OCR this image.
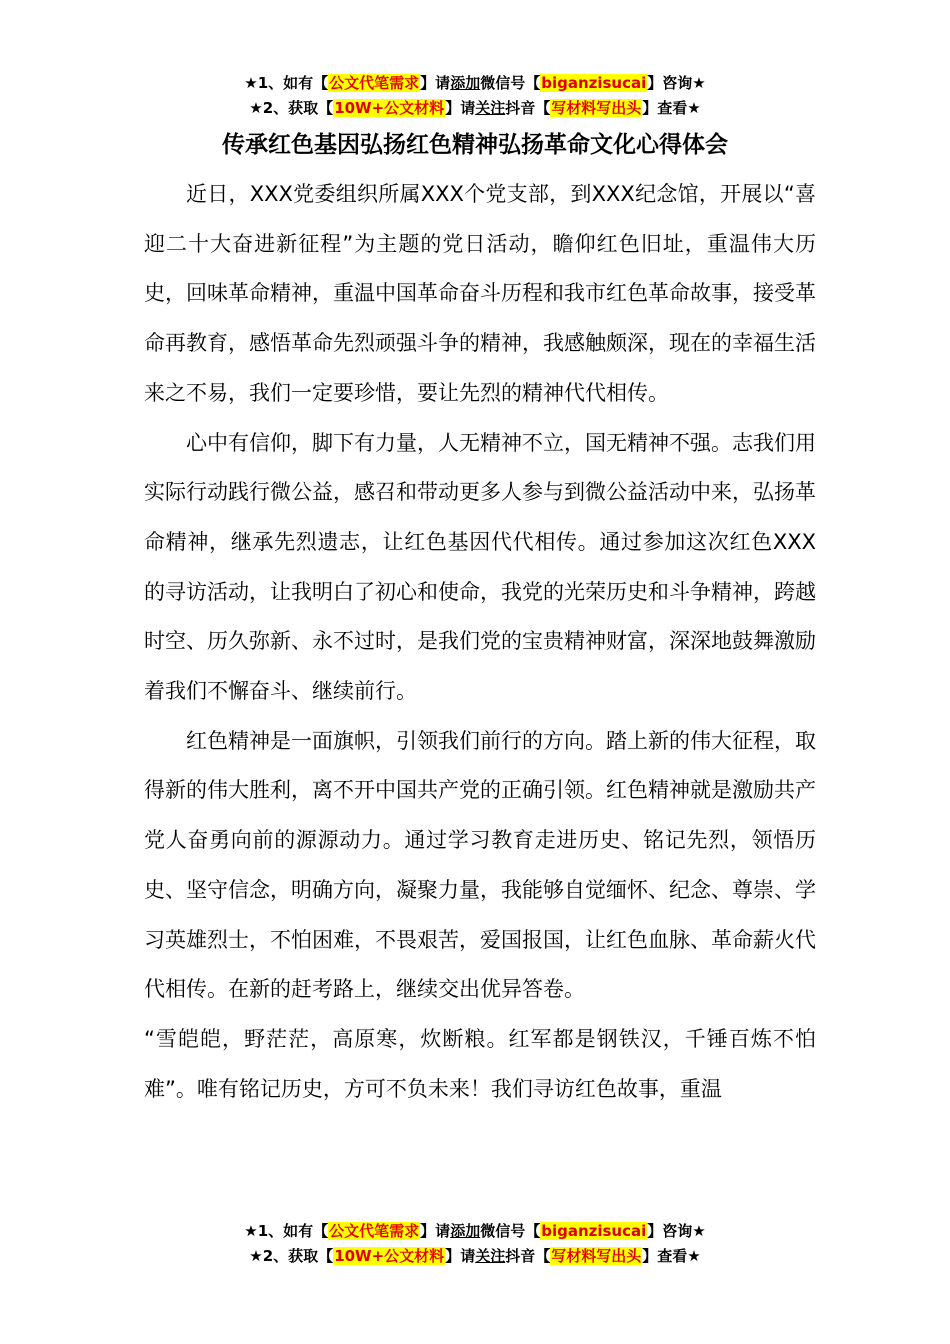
★1、如有【公文代笔需求】请添加微信号【biganzisucai】咨询★
★2、获取【10W+公文材料】请关注抖音【写材料写出头】查看★
传承红色基因弘扬红色精神弘扬革命文化心得体会

近日，XXX党委组织所属XXX个党支部，到XXX纪念馆，开展以“喜迎二十大奋进新征程”为主题的党日活动，瞻仰红色旧址，重温伟大历史，回味革命精神，重温中国革命奋斗历程和我市红色革命故事，接受革命再教育，感悟革命先烈顽强斗争的精神，我感触颇深，现在的幸福生活来之不易，我们一定要珍惜，要让先烈的精神代代相传。

心中有信仰，脚下有力量，人无精神不立，国无精神不强。志我们用实际行动践行微公益，感召和带动更多人参与到微公益活动中来，弘扬革命精神，继承先烈遗志，让红色基因代代相传。通过参加这次红色XXX的寻访活动，让我明白了初心和使命，我党的光荣历史和斗争精神，跨越时空、历久弥新、永不过时，是我们党的宝贵精神财富，深深地鼓舞激励着我们不懈奋斗、继续前行。

红色精神是一面旗帜，引领我们前行的方向。踏上新的伟大征程，取得新的伟大胜利，离不开中国共产党的正确引领。红色精神就是激励共产党人奋勇向前的源源动力。通过学习教育走进历史、铭记先烈，领悟历史、坚守信念，明确方向，凝聚力量，我能够自觉缅怀、纪念、尊崇、学习英雄烈士，不怕困难，不畏艰苦，爱国报国，让红色血脉、革命薪火代代相传。在新的赶考路上，继续交出优异答卷。

“雪皑皑，野茫茫，高原寒，炊断粮。红军都是钢铁汉，千锤百炼不怕难”。唯有铭记历史，方可不负未来！我们寻访红色故事，重温

★1、如有【公文代笔需求】请添加微信号【biganzisucai】咨询★
★2、获取【10W+公文材料】请关注抖音【写材料写出头】查看★
